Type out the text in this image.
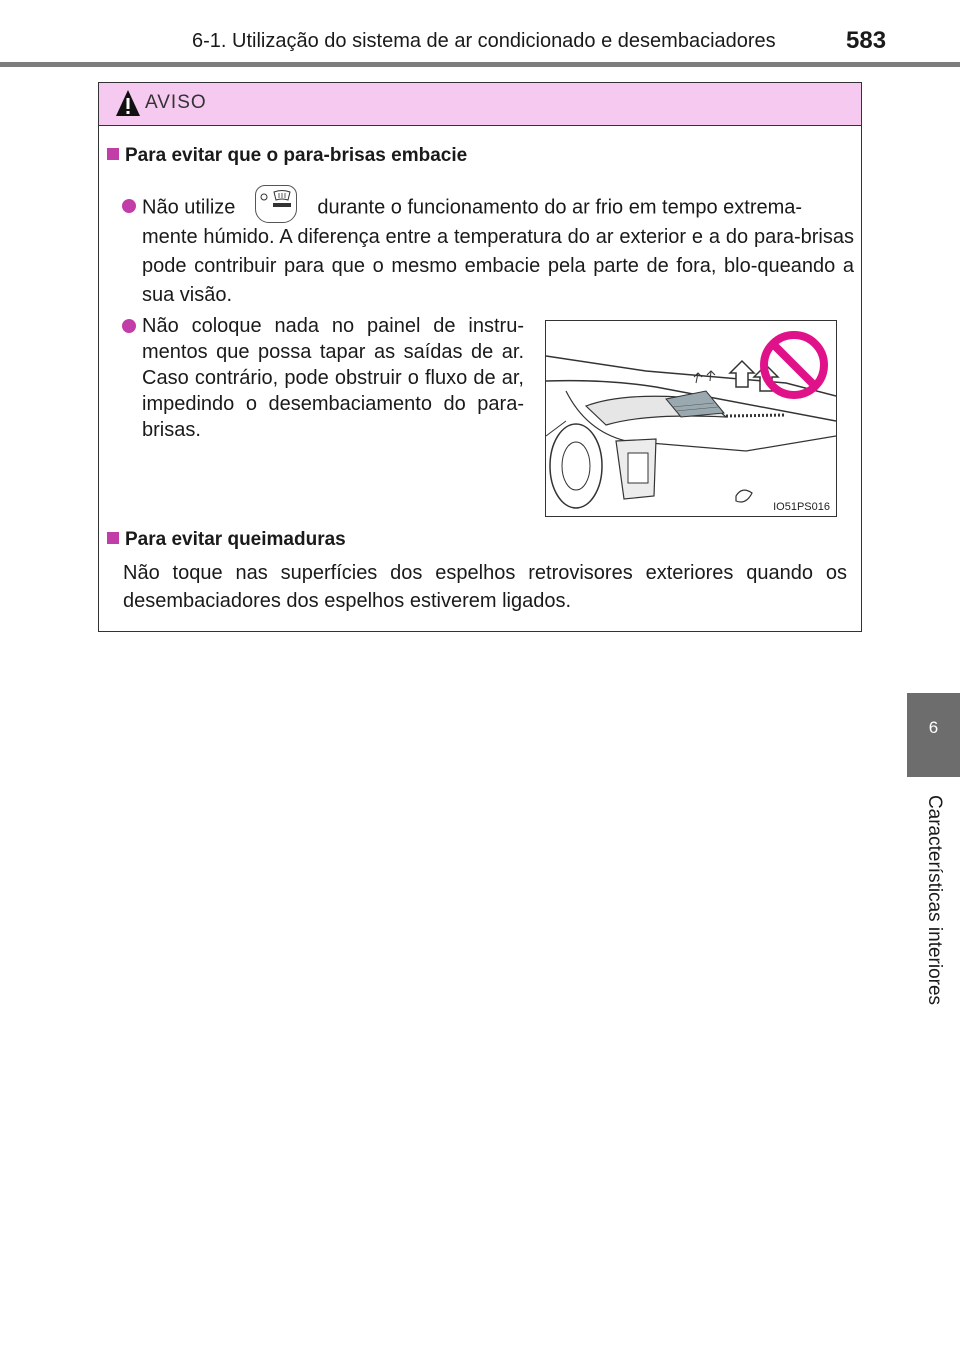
6-1. Utilização do sistema de ar condicionado e desembaciadores	583
6
Características interiores
AVISO
Para evitar que o para-brisas embacie
Não utilize	durante o funcionamento do ar frio em tempo extrema-
mente húmido. A diferença entre a temperatura do ar exterior e a do para-brisas pode contribuir para que o mesmo embacie pela parte de fora, blo-queando a sua visão.
Não coloque nada no painel de instru-mentos que possa tapar as saídas de ar. Caso contrário, pode obstruir o fluxo de ar, impedindo o desembaciamento do para-brisas.
IO51PS016
Para evitar queimaduras
Não toque nas superfícies dos espelhos retrovisores exteriores quando os desembaciadores dos espelhos estiverem ligados.
